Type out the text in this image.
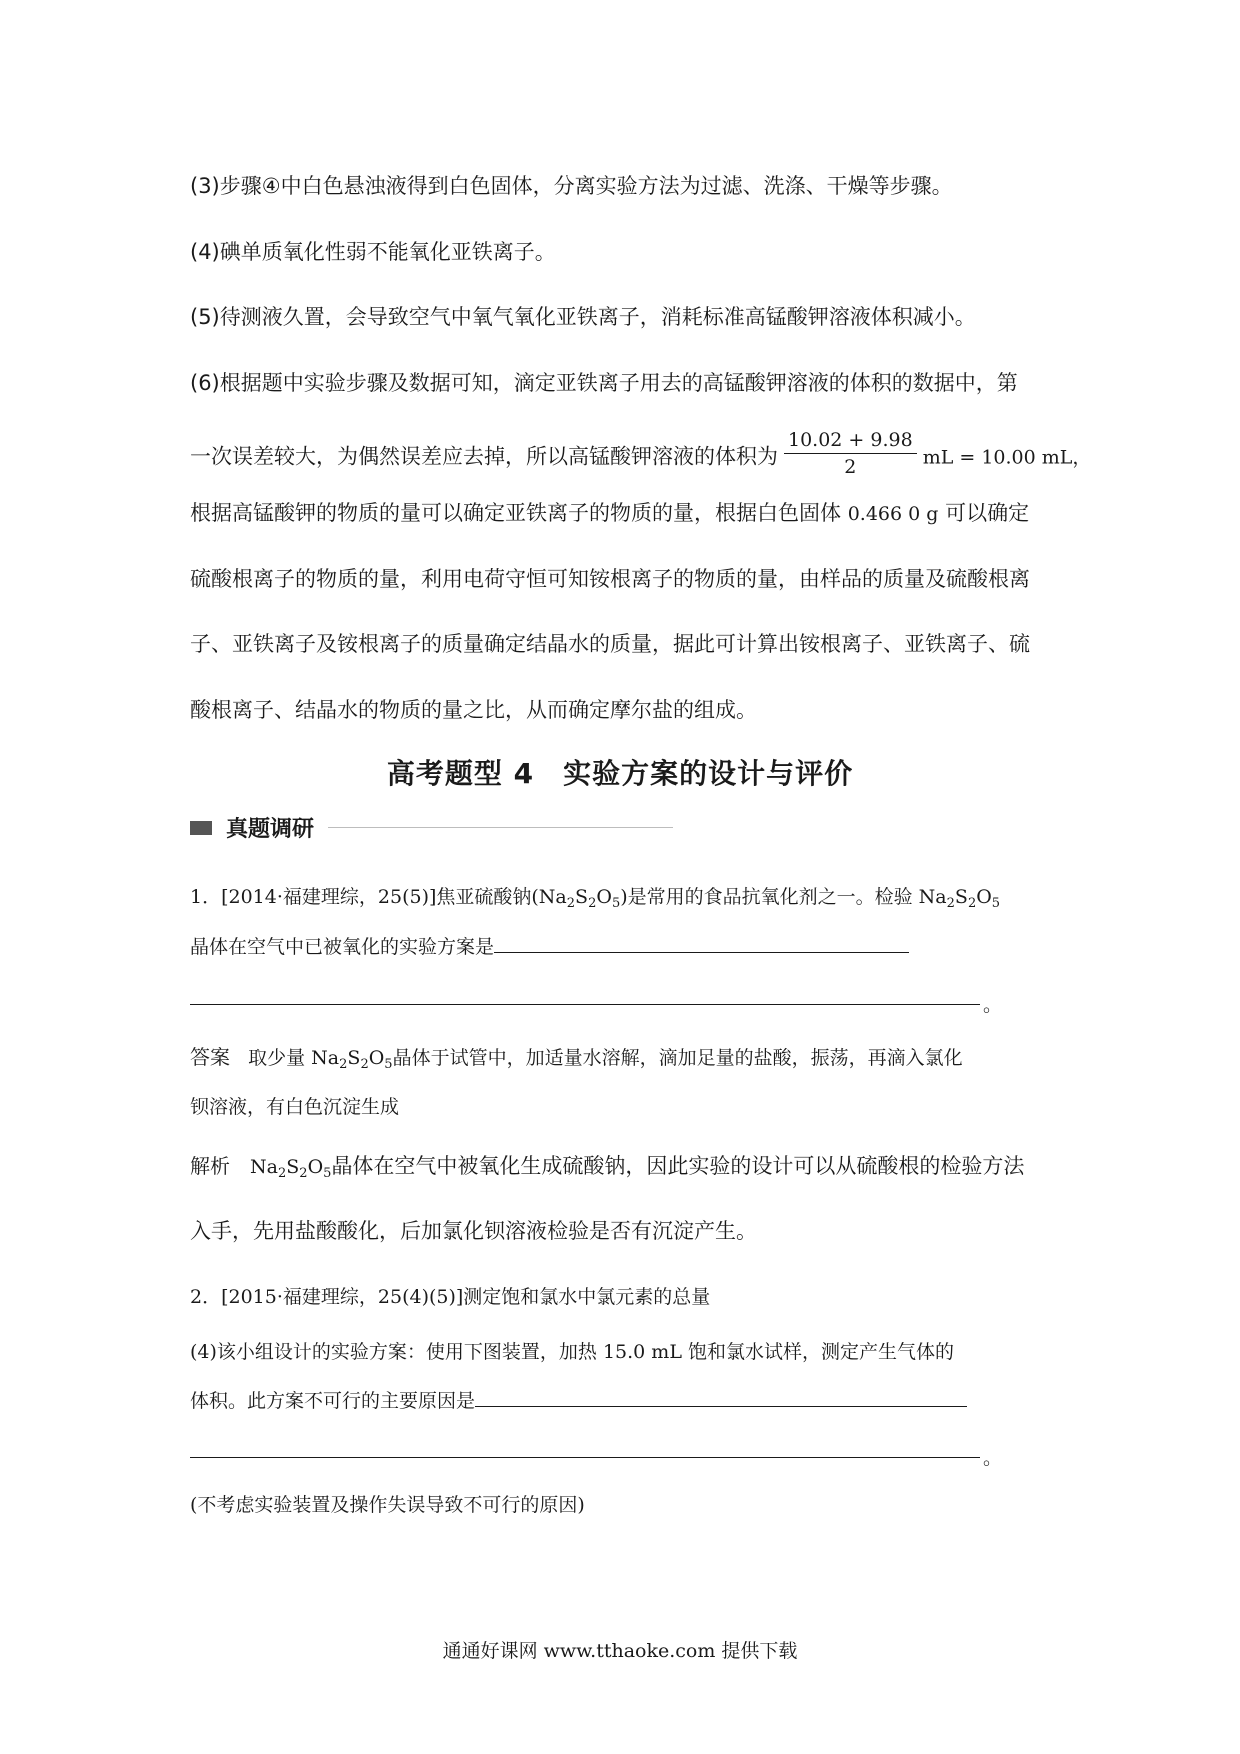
(3)步骤④中白色悬浊液得到白色固体，分离实验方法为过滤、洗涤、干燥等步骤。

(4)碘单质氧化性弱不能氧化亚铁离子。

(5)待测液久置，会导致空气中氧气氧化亚铁离子，消耗标准高锰酸钾溶液体积减小。

(6)根据题中实验步骤及数据可知，滴定亚铁离子用去的高锰酸钾溶液的体积的数据中，第

一次误差较大，为偶然误差应去掉，所以高锰酸钾溶液的体积为 $\frac{10.02 + 9.98}{2}$ mL = 10.00 mL，

根据高锰酸钾的物质的量可以确定亚铁离子的物质的量，根据白色固体 0.466 0 g 可以确定

硫酸根离子的物质的量，利用电荷守恒可知铵根离子的物质的量，由样品的质量及硫酸根离

子、亚铁离子及铵根离子的质量确定结晶水的质量，据此可计算出铵根离子、亚铁离子、硫

酸根离子、结晶水的物质的量之比，从而确定摩尔盐的组成。

高考题型 4　实验方案的设计与评价
真题调研

1．[2014·福建理综，25(5)]焦亚硫酸钠$(Na_2S_2O_5)$是常用的食品抗氧化剂之一。检验 $Na_2S_2O_5$

晶体在空气中已被氧化的实验方案是

。

答案 取少量 $Na_2S_2O_5$晶体于试管中，加适量水溶解，滴加足量的盐酸，振荡，再滴入氯化

钡溶液，有白色沉淀生成

解析 $Na_2S_2O_5$晶体在空气中被氧化生成硫酸钠，因此实验的设计可以从硫酸根的检验方法

入手，先用盐酸酸化，后加氯化钡溶液检验是否有沉淀产生。

2．[2015·福建理综，25(4)(5)]测定饱和氯水中氯元素的总量

(4)该小组设计的实验方案：使用下图装置，加热 15.0 mL 饱和氯水试样，测定产生气体的

体积。此方案不可行的主要原因是

。

(不考虑实验装置及操作失误导致不可行的原因)

通通好课网 www.tthaoke.com 提供下载
